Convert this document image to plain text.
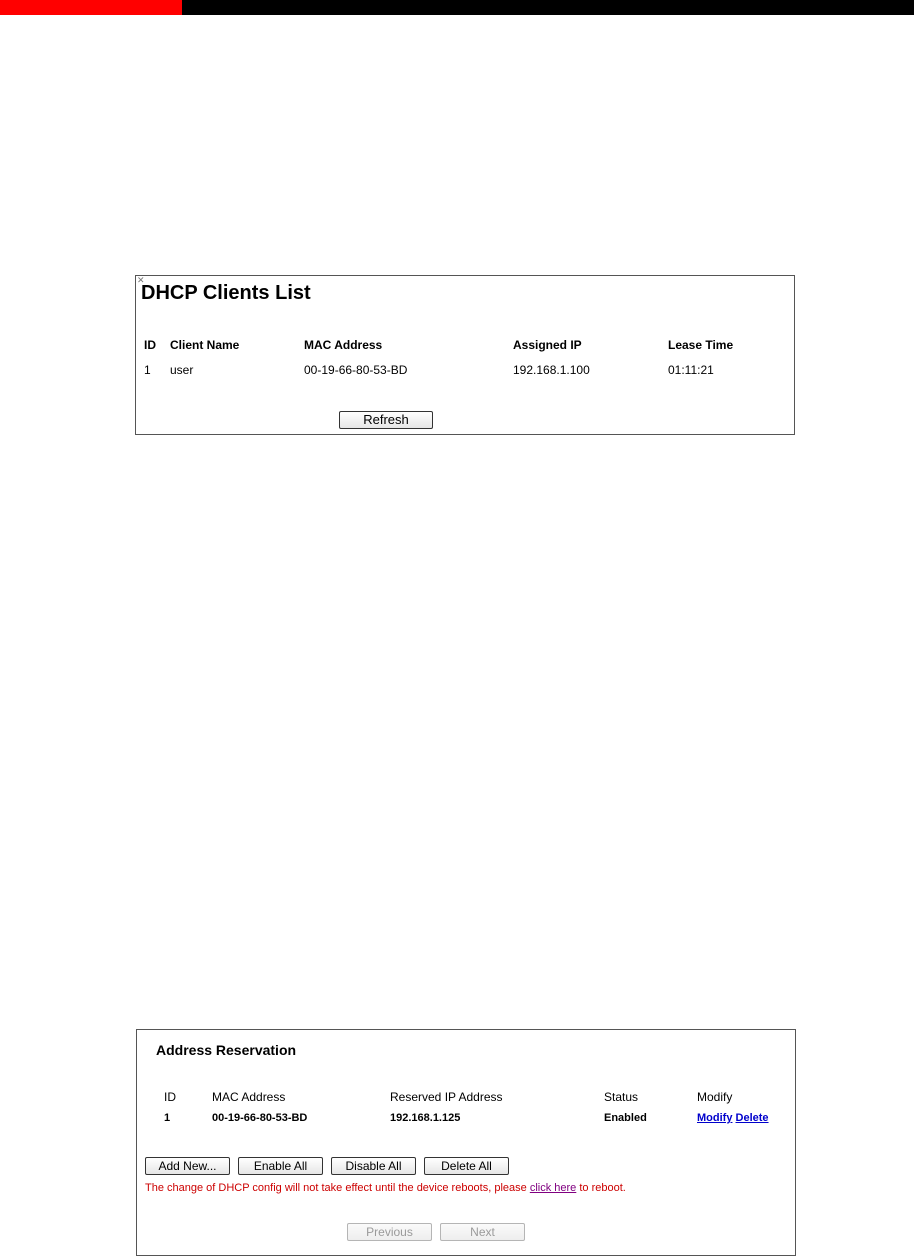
✕
DHCP Clients List
ID Client Name	MAC Address	Assigned IP	Lease Time
1 user	00-19-66-80-53-BD	192.168.1.100	01:11:21
Refresh
Address Reservation
ID	MAC Address	Reserved IP Address	Status	Modify
1	00-19-66-80-53-BD	192.168.1.125	Enabled	Modify Delete
Add New...	Enable All	Disable All	Delete All
The change of DHCP config will not take effect until the device reboots, please click here to reboot.
Previous	Next
